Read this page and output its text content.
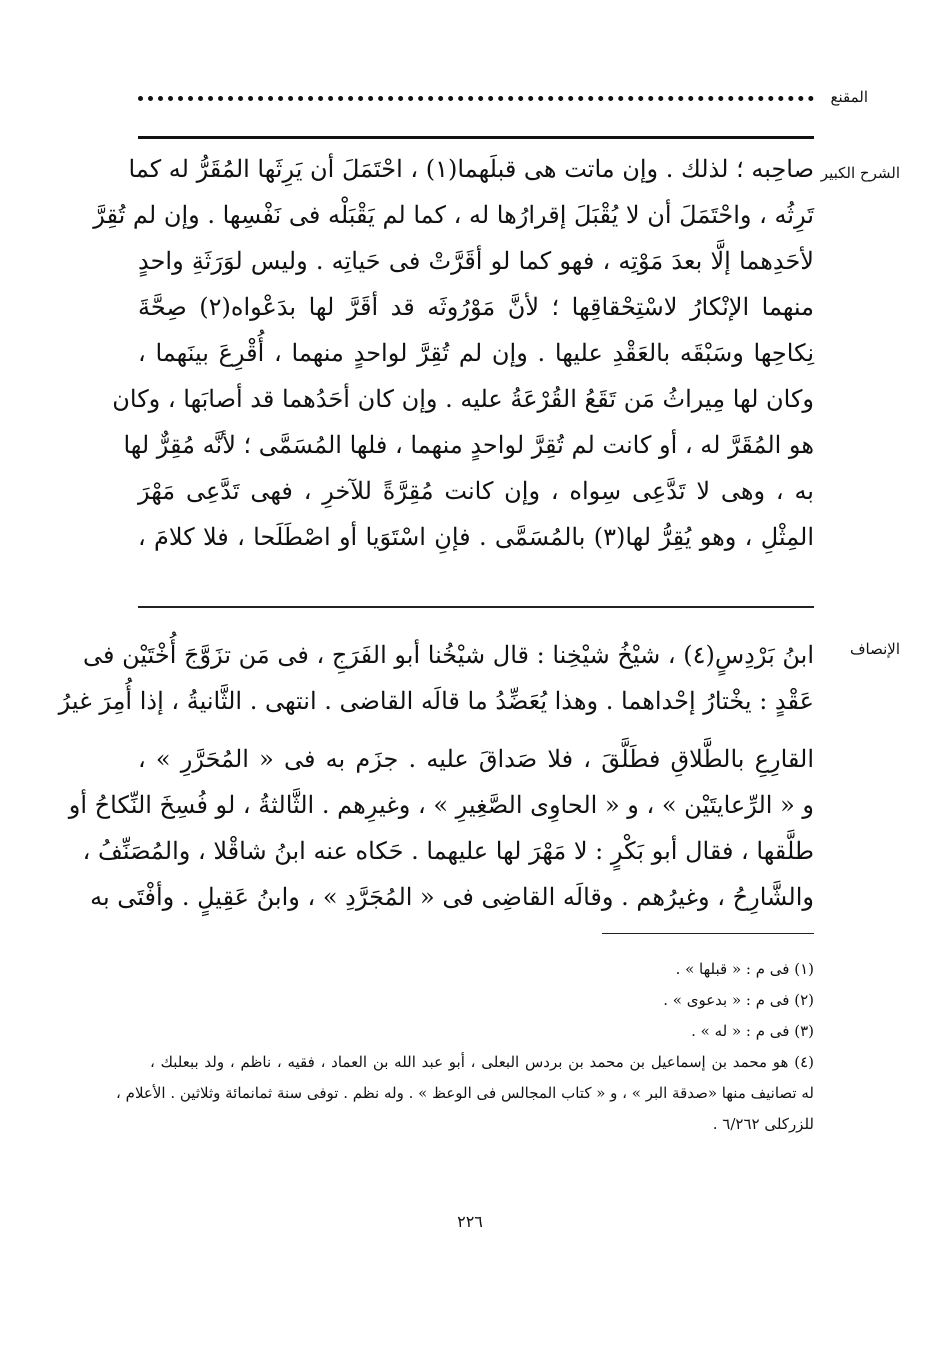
المقنع
الشرح الكبير
صاحِبه ؛ لذلك . وإن ماتت هى قبلَهما(١) ، احْتَمَلَ أن يَرِثَها المُقَرُّ له كما
تَرِثُه ، واحْتَمَلَ أن لا يُقْبَلَ إقرارُها له ، كما لم يَقْبَلْه فى نَفْسِها . وإن لم تُقِرَّ
لأحَدِهما إلَّا بعدَ مَوْتِه ، فهو كما لو أقَرَّتْ فى حَياتِه . وليس لوَرَثَةِ واحدٍ
منهما الإنْكارُ لاسْتِحْقاقِها ؛ لأنَّ مَوْرُوثَه قد أقَرَّ لها بدَعْواه(٢) صِحَّةَ
نِكاحِها وسَبْقَه بالعَقْدِ عليها . وإن لم تُقِرَّ لواحدٍ منهما ، أُقْرِعَ بينَهما ،
وكان لها مِيراثُ مَن تَقَعُ القُرْعَةُ عليه . وإن كان أحَدُهما قد أصابَها ، وكان
هو المُقَرَّ له ، أو كانت لم تُقِرَّ لواحدٍ منهما ، فلها المُسَمَّى ؛ لأنَّه مُقِرٌّ لها
به ، وهى لا تَدَّعِى سِواه ، وإن كانت مُقِرَّةً للآخرِ ، فهى تَدَّعِى مَهْرَ
المِثْلِ ، وهو يُقِرُّ لها(٣) بالمُسَمَّى . فإنِ اسْتَوَيا أو اصْطَلَحا ، فلا كلامَ ،
الإنصاف
ابنُ بَرْدِسٍ(٤) ، شيْخُ شيْخِنا : قال شيْخُنا أبو الفَرَجِ ، فى مَن تزَوَّجَ أُخْتَيْن فى
عَقْدٍ : يخْتارُ إحْداهما . وهذا يُعَضِّدُ ما قالَه القاضى . انتهى . الثَّانيةُ ، إذا أُمِرَ غيرُ
القارِعِ بالطَّلاقِ فطَلَّقَ ، فلا صَداقَ عليه . جزَم به فى « المُحَرَّرِ » ،
و « الرِّعايتَيْن » ، و « الحاوِى الصَّغِيرِ » ، وغيرِهم . الثَّالثةُ ، لو فُسِخَ النِّكاحُ أو
طلَّقها ، فقال أبو بَكْرٍ : لا مَهْرَ لها عليهما . حَكاه عنه ابنُ شاقْلا ، والمُصَنِّفُ ،
والشَّارِحُ ، وغيرُهم . وقالَه القاضِى فى « المُجَرَّدِ » ، وابنُ عَقِيلٍ . وأفْتَى به
(١) فى م : « قبلها » .
(٢) فى م : « بدعوى » .
(٣) فى م : « له » .
(٤) هو محمد بن إسماعيل بن محمد بن بردس البعلى ، أبو عبد الله بن العماد ، فقيه ، ناظم ، ولد ببعلبك ،
له تصانيف منها «صدقة البر » ، و « كتاب المجالس فى الوعظ » . وله نظم . توفى سنة ثمانمائة وثلاثين . الأعلام ،
للزركلى ٦/٢٦٢ .
٢٢٦
